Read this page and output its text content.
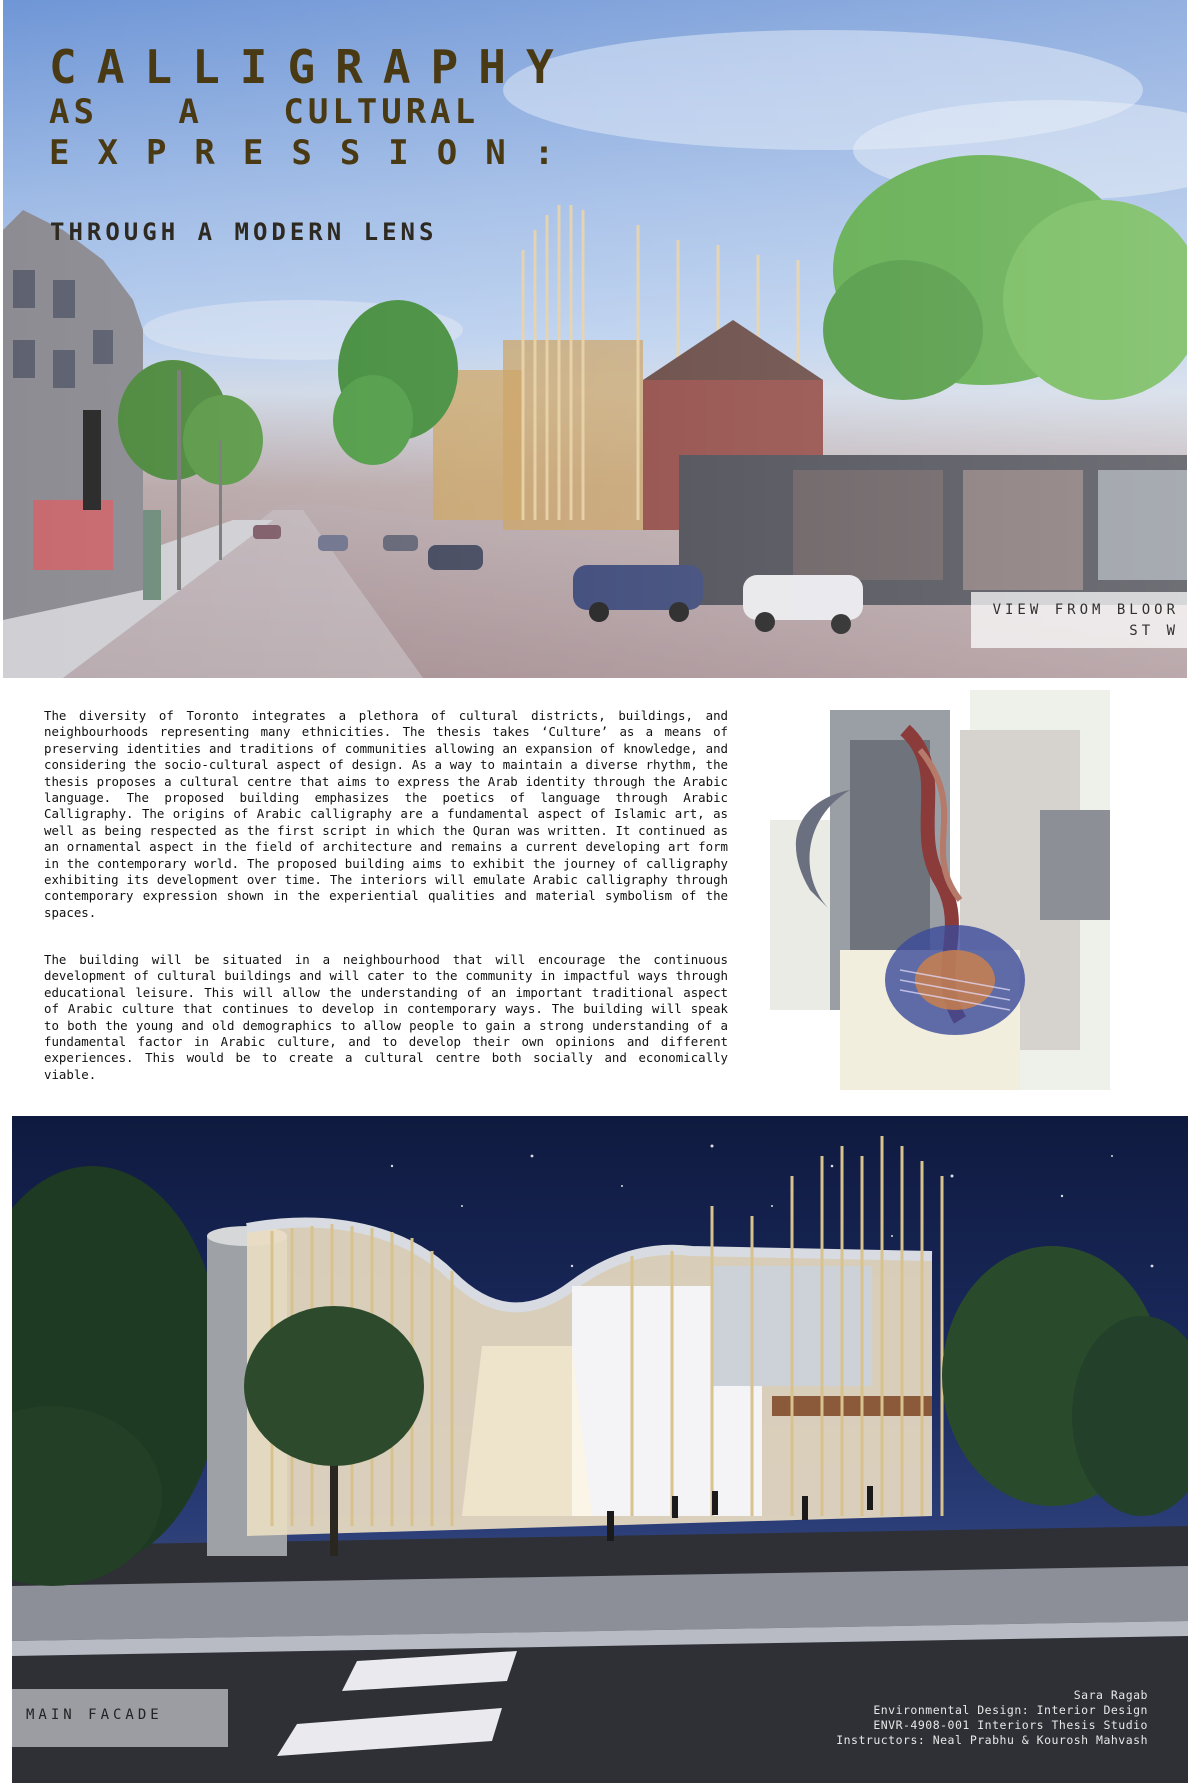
CALLIGRAPHY
AS A CULTURAL
EXPRESSION:
THROUGH A MODERN LENS
VIEW FROM BLOOR
ST W

The diversity of Toronto integrates a plethora of cultural districts, buildings, and neighbourhoods representing many ethnicities. The thesis takes ‘Culture’ as a means of preserving identities and traditions of communities allowing an expansion of knowledge, and considering the socio-cultural aspect of design. As a way to maintain a diverse rhythm, the thesis proposes a cultural centre that aims to express the Arab identity through the Arabic language. The proposed building emphasizes the poetics of language through Arabic Calligraphy. The origins of Arabic calligraphy are a fundamental aspect of Islamic art, as well as being respected as the first script in which the Quran was written. It continued as an ornamental aspect in the field of architecture and remains a current developing art form in the contemporary world. The proposed building aims to exhibit the journey of calligraphy exhibiting its development over time. The interiors will emulate Arabic calligraphy through contemporary expression shown in the experiential qualities and material symbolism of the spaces.

The building will be situated in a neighbourhood that will encourage the continuous development of cultural buildings and will cater to the community in impactful ways through educational leisure. This will allow the understanding of an important traditional aspect of Arabic culture that continues to develop in contemporary ways. The building will speak to both the young and old demographics to allow people to gain a strong understanding of a fundamental factor in Arabic culture, and to develop their own opinions and different experiences. This would be to create a cultural centre both socially and economically viable.

MAIN FACADE
Sara Ragab
Environmental Design: Interior Design
ENVR-4908-001 Interiors Thesis Studio
Instructors: Neal Prabhu & Kourosh Mahvash
